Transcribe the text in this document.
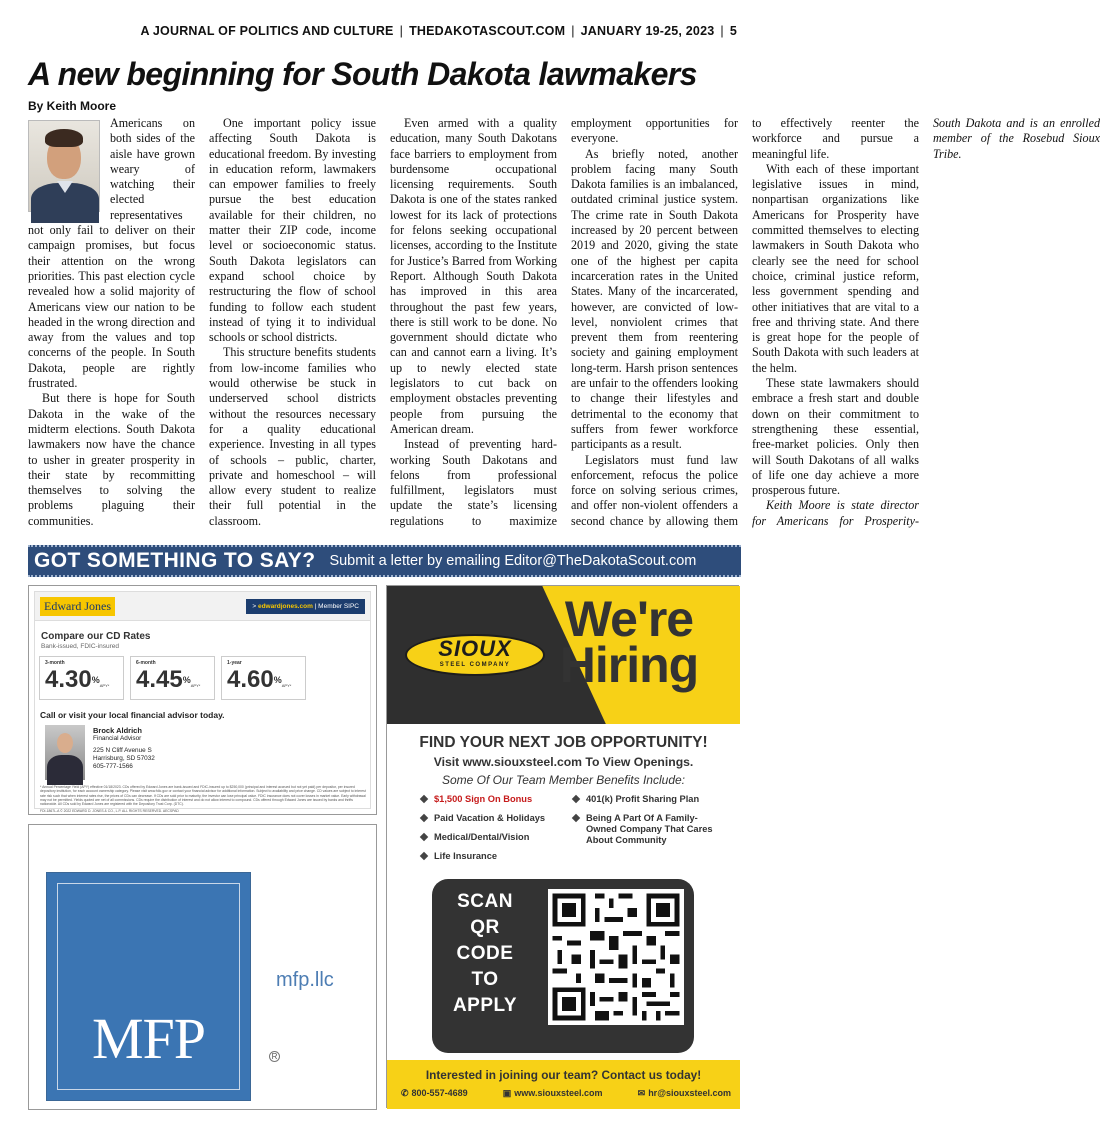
A JOURNAL OF POLITICS AND CULTURE | THEDAKOTASCOUT.COM | JANUARY 19-25, 2023 | 5
A new beginning for South Dakota lawmakers
By Keith Moore

Americans on both sides of the aisle have grown weary of watching their elected representatives not only fail to deliver on their campaign promises, but focus their attention on the wrong priorities. This past election cycle revealed how a solid majority of Americans view our nation to be headed in the wrong direction and away from the values and top concerns of the people. In South Dakota, people are rightly frustrated.

But there is hope for South Dakota in the wake of the midterm elections. South Dakota lawmakers now have the chance to usher in greater prosperity in their state by recommitting themselves to solving the problems plaguing their communities.

One important policy issue affecting South Dakota is educational freedom. By investing in education reform, lawmakers can empower families to freely pursue the best education available for their children, no matter their ZIP code, income level or socioeconomic status. South Dakota legislators can expand school choice by restructuring the flow of school funding to follow each student instead of tying it to individual schools or school districts.

This structure benefits students from low-income families who would otherwise be stuck in underserved school districts without the resources necessary for a quality educational experience. Investing in all types of schools – public, charter, private and homeschool – will allow every student to realize their full potential in the classroom.

Even armed with a quality education, many South Dakotans face barriers to employment from burdensome occupational licensing requirements. South Dakota is one of the states ranked lowest for its lack of protections for felons seeking occupational licenses, according to the Institute for Justice’s Barred from Working Report. Although South Dakota has improved in this area throughout the past few years, there is still work to be done. No government should dictate who can and cannot earn a living. It’s up to newly elected state legislators to cut back on employment obstacles preventing people from pursuing the American dream.

Instead of preventing hard-working South Dakotans and felons from professional fulfillment, legislators must update the state’s licensing regulations to maximize employment opportunities for everyone.

As briefly noted, another problem facing many South Dakota families is an imbalanced, outdated criminal justice system. The crime rate in South Dakota increased by 20 percent between 2019 and 2020, giving the state one of the highest per capita incarceration rates in the United States. Many of the incarcerated, however, are convicted of low-level, nonviolent crimes that prevent them from reentering society and gaining employment long-term. Harsh prison sentences are unfair to the offenders looking to change their lifestyles and detrimental to the economy that suffers from fewer workforce participants as a result.

Legislators must fund law enforcement, refocus the police force on solving serious crimes, and offer non-violent offenders a second chance by allowing them to effectively reenter the workforce and pursue a meaningful life.

With each of these important legislative issues in mind, nonpartisan organizations like Americans for Prosperity have committed themselves to electing lawmakers in South Dakota who clearly see the need for school choice, criminal justice reform, less government spending and other initiatives that are vital to a free and thriving state. And there is great hope for the people of South Dakota with such leaders at the helm.

These state lawmakers should embrace a fresh start and double down on their commitment to strengthening these essential, free-market policies. Only then will South Dakotans of all walks of life one day achieve a more prosperous future.

Keith Moore is state director for Americans for Prosperity-South Dakota and is an enrolled member of the Rosebud Sioux Tribe.

GOT SOMETHING TO SAY? Submit a letter by emailing Editor@TheDakotaScout.com
Edward Jones	> edwardjones.com | Member SIPC
Compare our CD Rates
Bank-issued, FDIC-insured
3-month
4.30%APY*
6-month
4.45%APY*
1-year
4.60%APY*
Call or visit your local financial advisor today.
Brock Aldrich
Financial Advisor
225 N Cliff Avenue S
Harrisburg, SD 57032
605-777-1566
* Annual Percentage Yield (APY) effective 01/18/2023. CDs offered by Edward Jones are bank-issued and FDIC-insured up to $250,000 (principal and interest accrued but not yet paid) per depositor, per insured depository institution, for each account ownership category. Please visit www.fdic.gov or contact your financial advisor for additional information. Subject to availability and price change. CD values are subject to interest rate risk such that when interest rates rise, the prices of CDs can decrease. If CDs are sold prior to maturity, the investor can lose principal value. FDIC insurance does not cover losses in market value. Early withdrawal may not be permitted. Yields quoted are net of all commissions. CDs require the distribution of interest and do not allow interest to compound. CDs offered through Edward Jones are issued by banks and thrifts nationwide. All CDs sold by Edward Jones are registered with the Depository Trust Corp. (DTC).
FDI-1867L-A © 2022 EDWARD D. JONES & CO., L.P. ALL RIGHTS RESERVED. AECSPAD
MFP	R
mfp.llc
SIOUX
STEEL COMPANY
We're
Hiring
FIND YOUR NEXT JOB OPPORTUNITY!
Visit www.siouxsteel.com To View Openings.
Some Of Our Team Member Benefits Include:
$1,500 Sign On Bonus
Paid Vacation & Holidays
Medical/Dental/Vision
Life Insurance
401(k) Profit Sharing Plan
Being A Part Of A Family-Owned Company That Cares About Community
SCAN
QR
CODE
TO
APPLY
Interested in joining our team? Contact us today!
✆ 800-557-4689	▣ www.siouxsteel.com	✉ hr@siouxsteel.com
